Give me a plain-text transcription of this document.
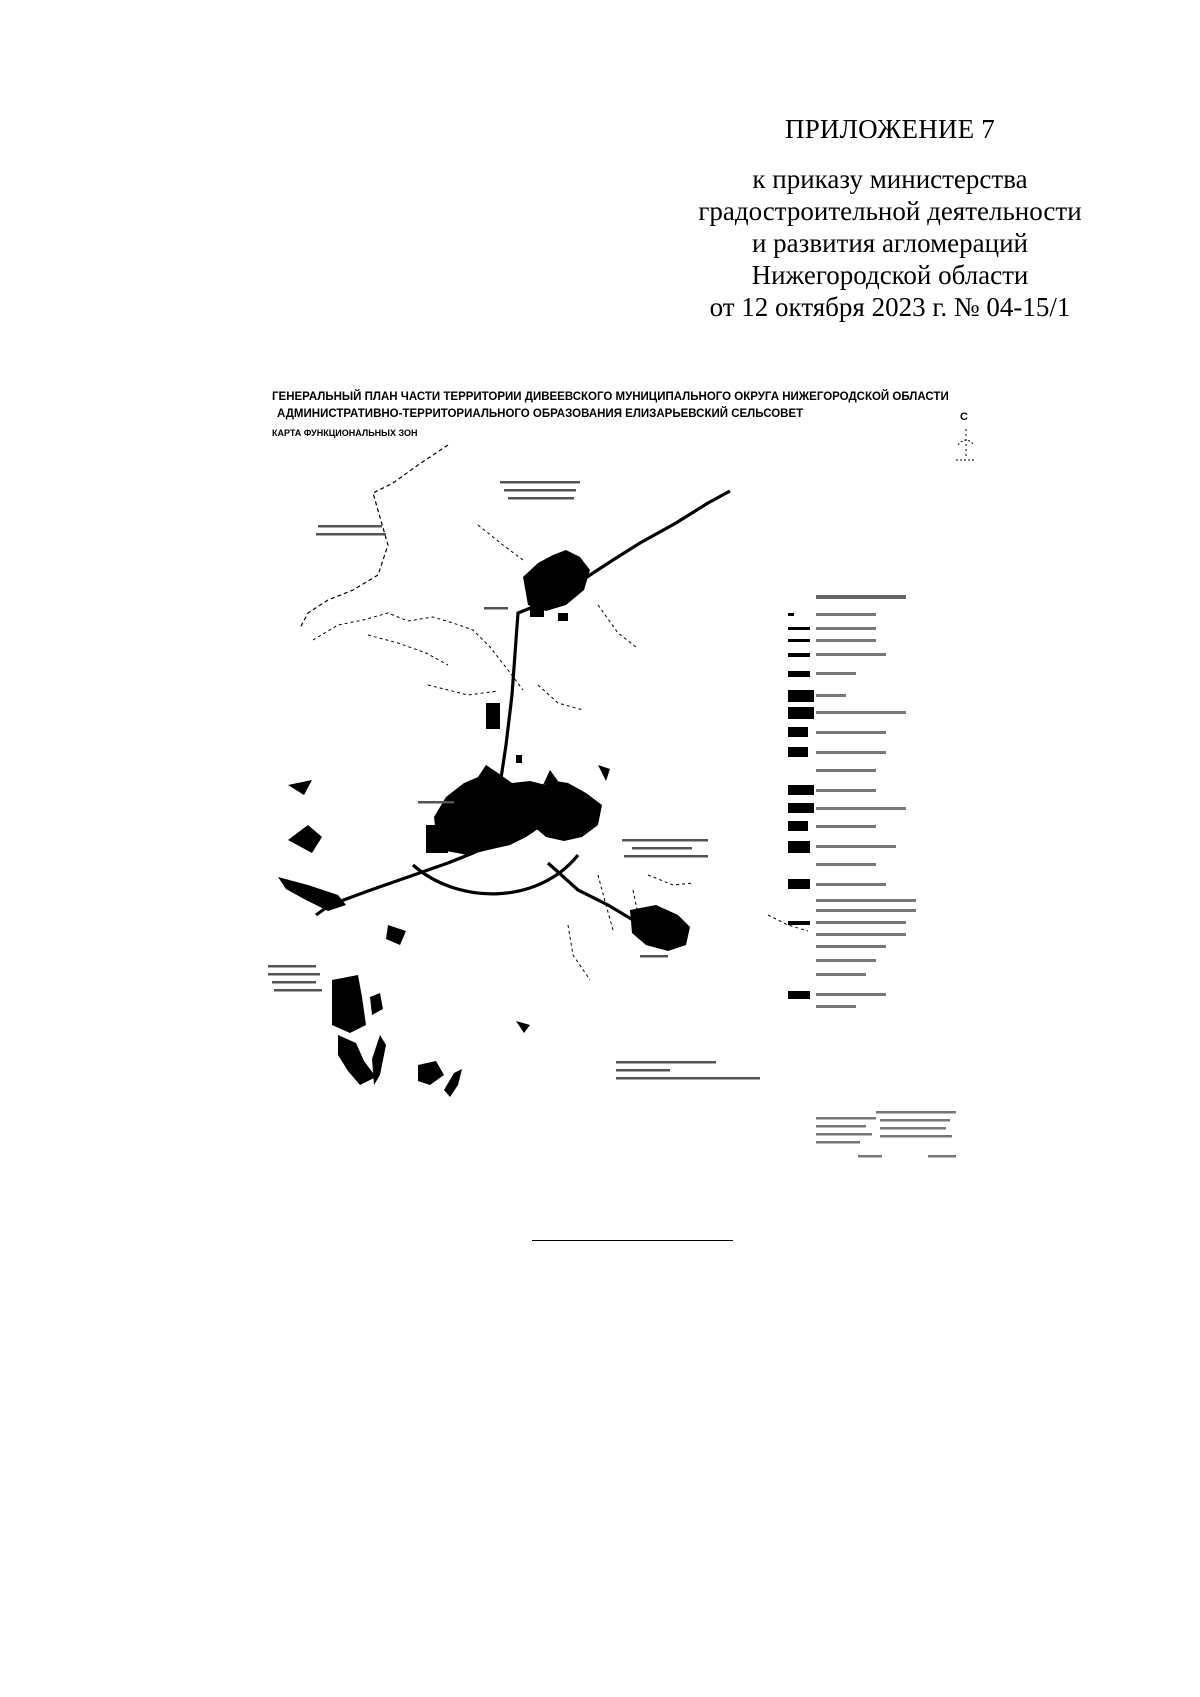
ПРИЛОЖЕНИЕ 7
к приказу министерства
градостроительной деятельности
и развития агломераций
Нижегородской области
от 12 октября 2023 г. № 04-15/1
ГЕНЕРАЛЬНЫЙ ПЛАН ЧАСТИ ТЕРРИТОРИИ ДИВЕЕВСКОГО МУНИЦИПАЛЬНОГО ОКРУГА НИЖЕГОРОДСКОЙ ОБЛАСТИ
АДМИНИСТРАТИВНО-ТЕРРИТОРИАЛЬНОГО ОБРАЗОВАНИЯ ЕЛИЗАРЬЕВСКИЙ СЕЛЬСОВЕТ
КАРТА ФУНКЦИОНАЛЬНЫХ ЗОН
С
